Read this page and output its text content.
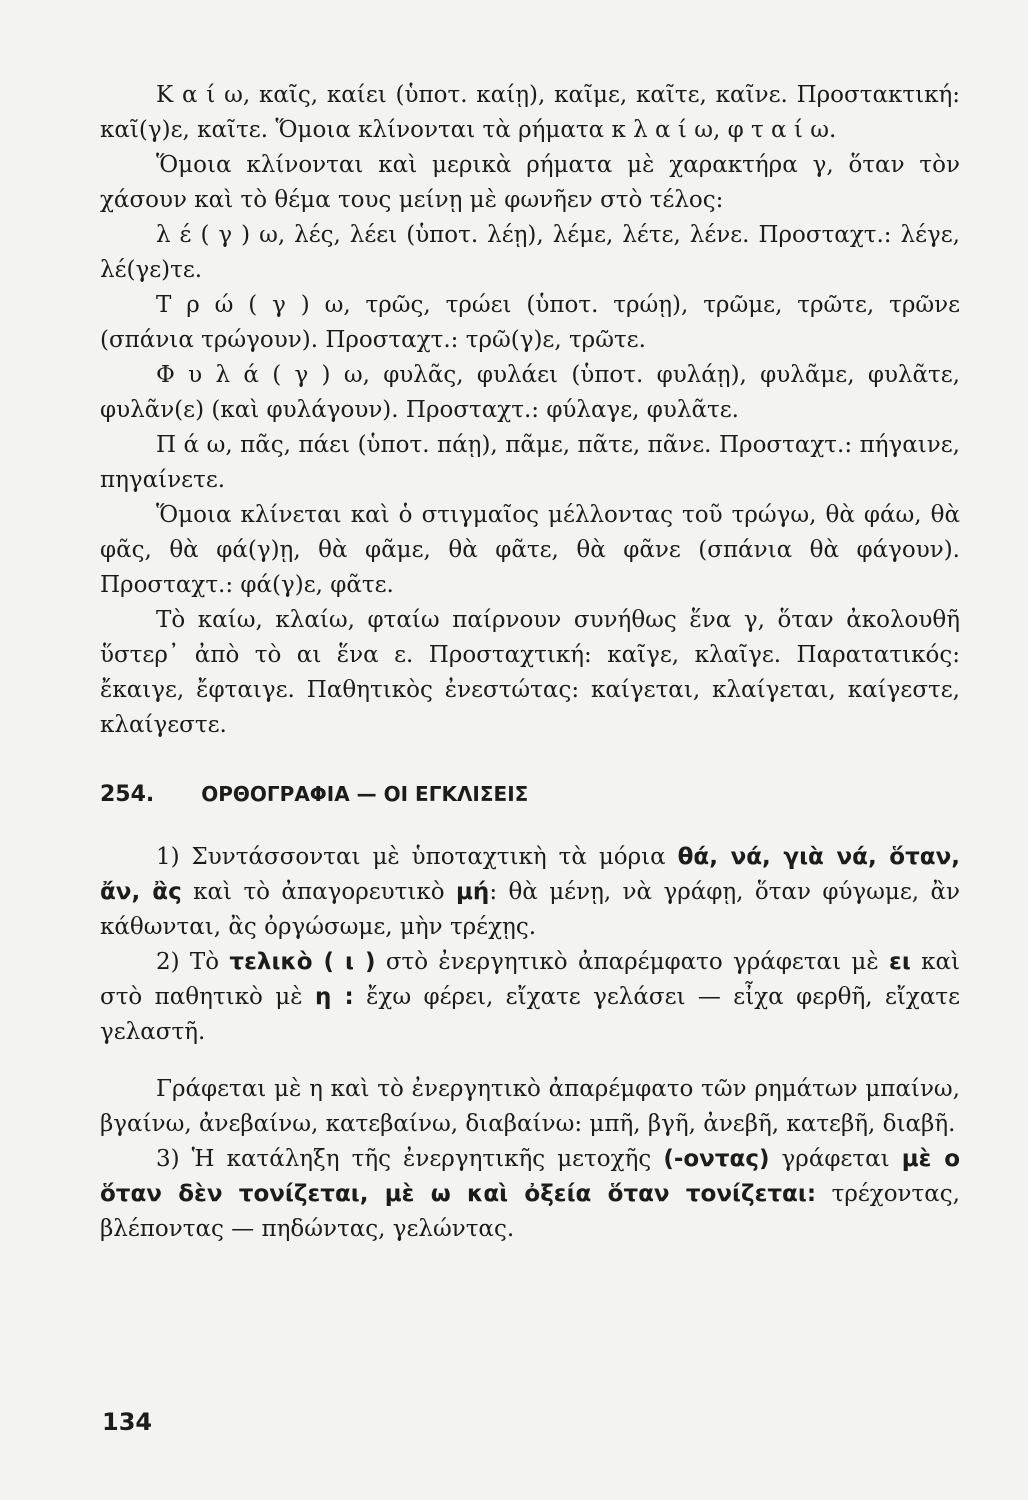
Κ α ί ω, καῖς, καίει (ὑποτ. καίῃ), καῖμε, καῖτε, καῖνε. Προστακτική: καῖ(γ)ε, καῖτε. Ὅμοια κλίνονται τὰ ρήματα κ λ α ί ω, φ τ α ί ω.

Ὅμοια κλίνονται καὶ μερικὰ ρήματα μὲ χαρακτήρα γ, ὅταν τὸν χάσουν καὶ τὸ θέμα τους μείνῃ μὲ φωνῆεν στὸ τέλος:

λ έ ( γ ) ω, λές, λέει (ὑποτ. λέῃ), λέμε, λέτε, λένε. Προσταχτ.: λέγε, λέ(γε)τε.

Τ ρ ώ ( γ ) ω, τρῶς, τρώει (ὑποτ. τρώῃ), τρῶμε, τρῶτε, τρῶνε (σπάνια τρώγουν). Προσταχτ.: τρῶ(γ)ε, τρῶτε.

Φ υ λ ά ( γ ) ω, φυλᾶς, φυλάει (ὑποτ. φυλάῃ), φυλᾶμε, φυλᾶτε, φυλᾶν(ε) (καὶ φυλάγουν). Προσταχτ.: φύλαγε, φυλᾶτε.

Π ά ω, πᾶς, πάει (ὑποτ. πάῃ), πᾶμε, πᾶτε, πᾶνε. Προσταχτ.: πήγαινε, πηγαίνετε.

Ὅμοια κλίνεται καὶ ὁ στιγμαῖος μέλλοντας τοῦ τρώγω, θὰ φάω, θὰ φᾶς, θὰ φά(γ)ῃ, θὰ φᾶμε, θὰ φᾶτε, θὰ φᾶνε (σπάνια θὰ φάγουν). Προσταχτ.: φά(γ)ε, φᾶτε.

Τὸ καίω, κλαίω, φταίω παίρνουν συνήθως ἕνα γ, ὅταν ἀκολουθῆ ὕστερ᾽ ἀπὸ τὸ αι ἕνα ε. Προσταχτική: καῖγε, κλαῖγε. Παρατατικός: ἔκαιγε, ἔφταιγε. Παθητικὸς ἐνεστώτας: καίγεται, κλαίγεται, καίγεστε, κλαίγεστε.

254. ΟΡΘΟΓΡΑΦΙΑ — ΟΙ ΕΓΚΛΙΣΕΙΣ

1) Συντάσσονται μὲ ὑποταχτικὴ τὰ μόρια θά, νά, γιὰ νά, ὅταν, ἄν, ἂς καὶ τὸ ἀπαγορευτικὸ μή: θὰ μένῃ, νὰ γράφῃ, ὅταν φύγωμε, ἂν κάθωνται, ἂς ὀργώσωμε, μὴν τρέχῃς.

2) Τὸ τελικὸ ( ι ) στὸ ἐνεργητικὸ ἀπαρέμφατο γράφεται μὲ ει καὶ στὸ παθητικὸ μὲ η : ἔχω φέρει, εἴχατε γελάσει — εἶχα φερθῆ, εἴχατε γελαστῆ.

Γράφεται μὲ η καὶ τὸ ἐνεργητικὸ ἀπαρέμφατο τῶν ρημάτων μπαίνω, βγαίνω, ἀνεβαίνω, κατεβαίνω, διαβαίνω: μπῆ, βγῆ, ἀνεβῆ, κατεβῆ, διαβῆ.

3) Ἡ κατάληξη τῆς ἐνεργητικῆς μετοχῆς (-οντας) γράφεται μὲ ο ὅταν δὲν τονίζεται, μὲ ω καὶ ὀξεία ὅταν τονίζεται: τρέχοντας, βλέποντας — πηδώντας, γελώντας.

134
